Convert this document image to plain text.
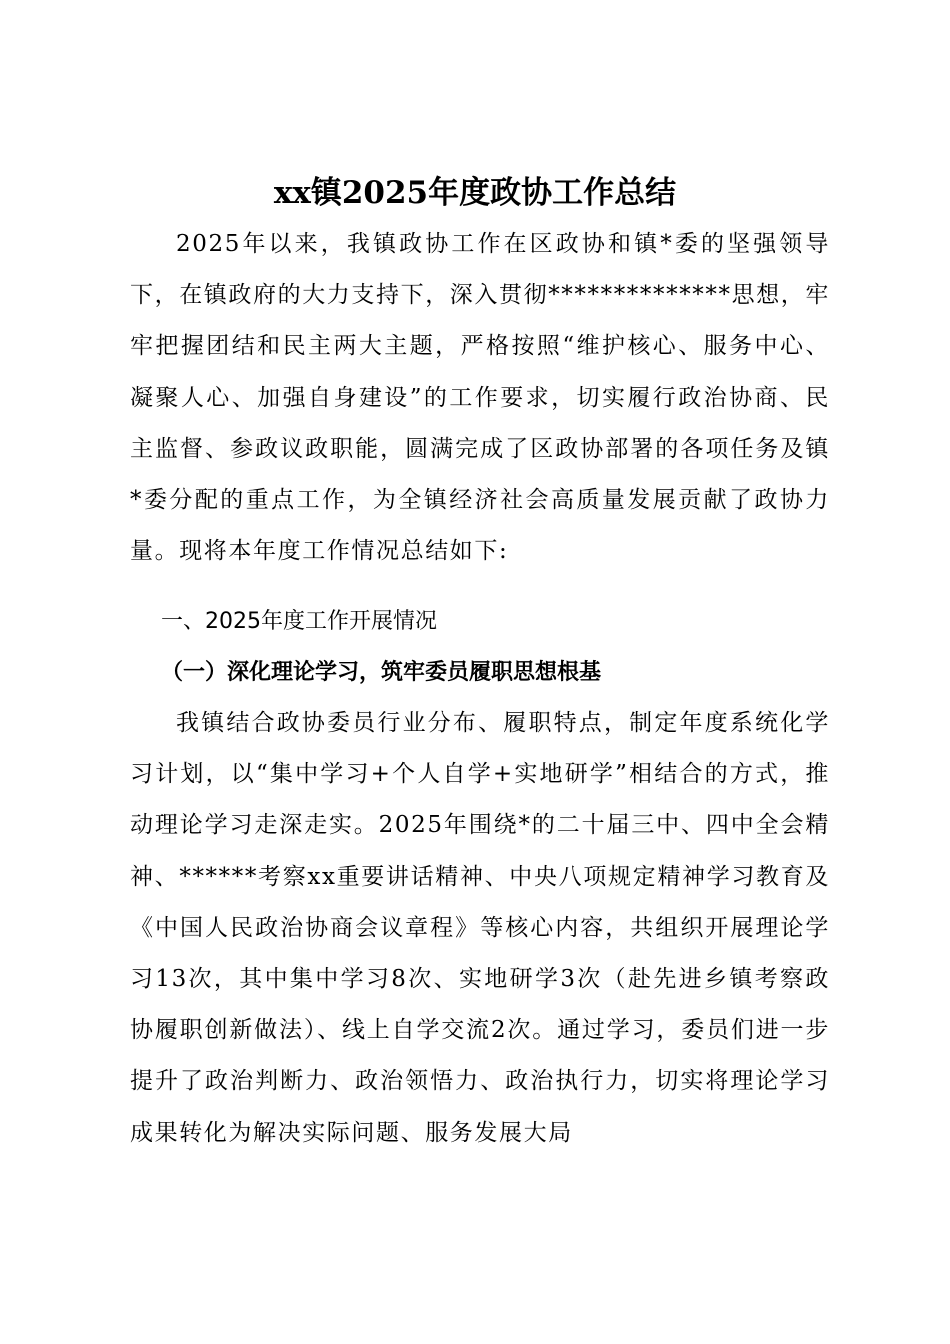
xx镇2025年度政协工作总结
2025年以来，我镇政协工作在区政协和镇*委的坚强领导下，在镇政府的大力支持下，深入贯彻**************思想，牢牢把握团结和民主两大主题，严格按照“维护核心、服务中心、凝聚人心、加强自身建设”的工作要求，切实履行政治协商、民主监督、参政议政职能，圆满完成了区政协部署的各项任务及镇*委分配的重点工作，为全镇经济社会高质量发展贡献了政协力量。现将本年度工作情况总结如下:
一、2025年度工作开展情况
（一）深化理论学习，筑牢委员履职思想根基
我镇结合政协委员行业分布、履职特点，制定年度系统化学习计划，以“集中学习+个人自学+实地研学”相结合的方式，推动理论学习走深走实。2025年围绕*的二十届三中、四中全会精神、******考察xx重要讲话精神、中央八项规定精神学习教育及《中国人民政治协商会议章程》等核心内容，共组织开展理论学习13次，其中集中学习8次、实地研学3次（赴先进乡镇考察政协履职创新做法）、线上自学交流2次。通过学习，委员们进一步提升了政治判断力、政治领悟力、政治执行力，切实将理论学习成果转化为解决实际问题、服务发展大局
